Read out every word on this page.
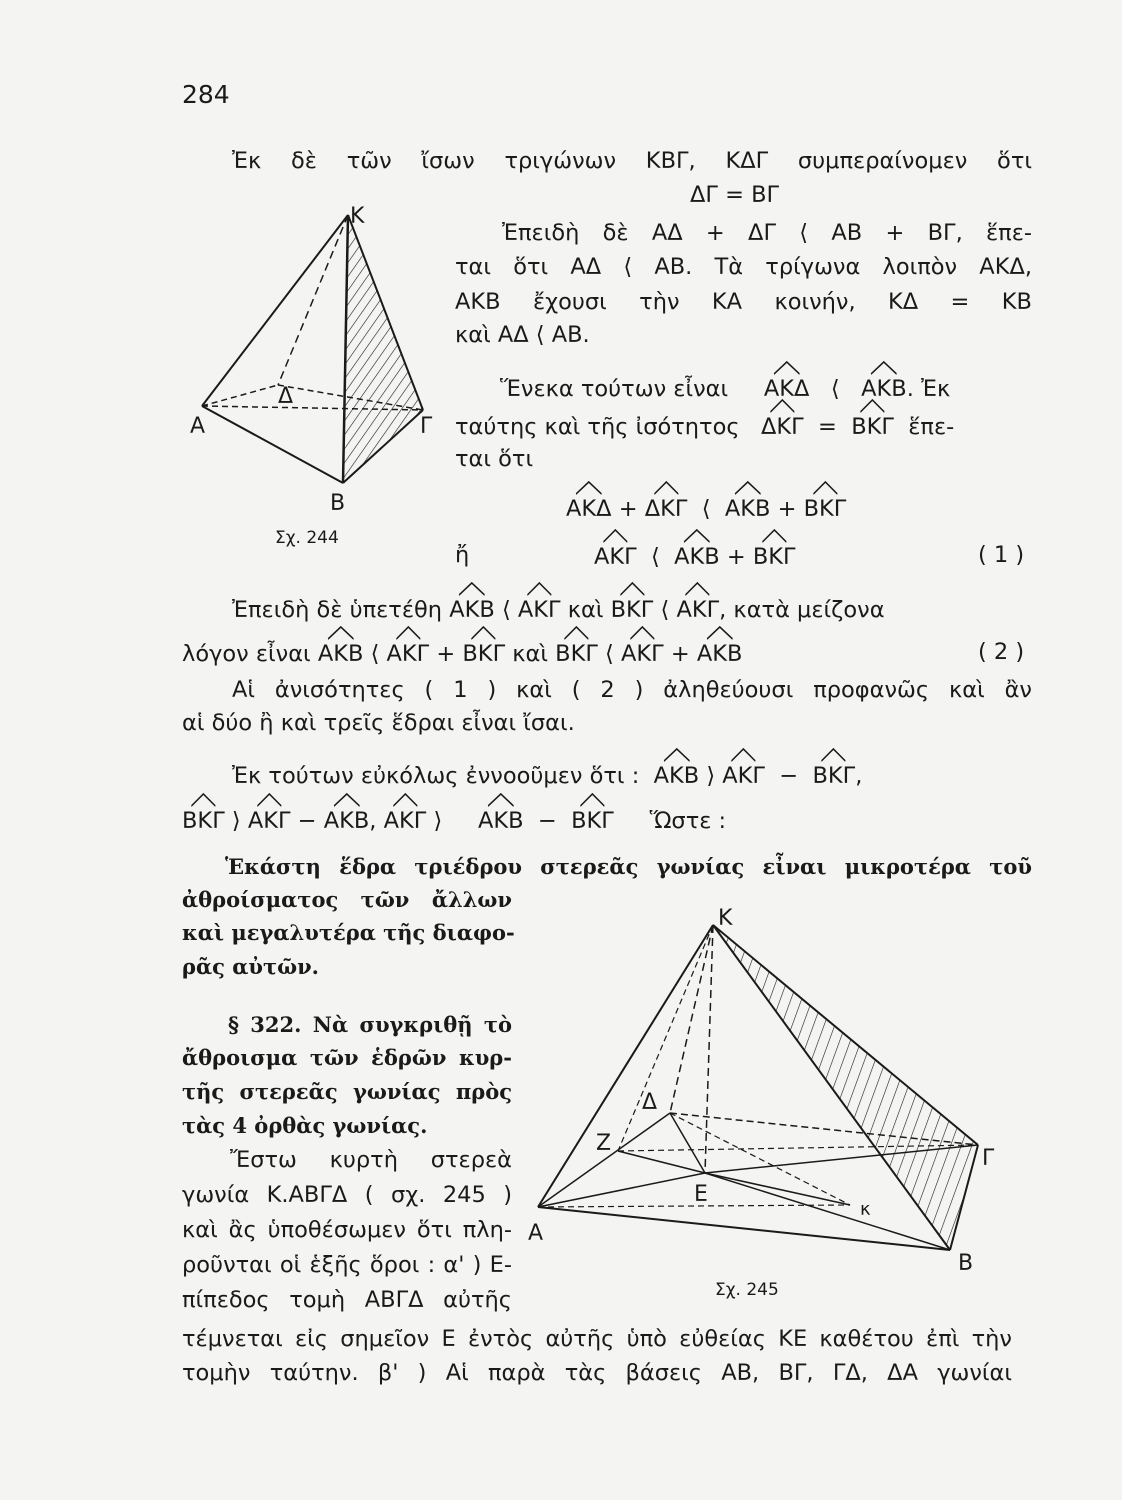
284
Ἐκ δὲ τῶν ἴσων τριγώνων ΚΒΓ, ΚΔΓ συμπεραίνομεν ὅτι
ΔΓ = ΒΓ
Ἐπειδὴ δὲ ΑΔ + ΔΓ ⟨ ΑΒ + ΒΓ, ἕπε-
ται ὅτι ΑΔ ⟨ ΑΒ. Τὰ τρίγωνα λοιπὸν ΑΚΔ,
ΑΚΒ ἔχουσι τὴν ΚΑ κοινήν, ΚΔ = ΚΒ
καὶ ΑΔ ⟨ ΑΒ.
Ἕνεκα τούτων εἶναι ΑΚΔ ⟨ ΑΚΒ. Ἐκ
ταύτης καὶ τῆς ἰσότητος ΔΚΓ = ΒΚΓ ἕπε-
ται ὅτι
ΑΚΔ + ΔΚΓ ⟨ ΑΚΒ + ΒΚΓ
ἤ	ΑΚΓ ⟨ ΑΚΒ + ΒΚΓ	( 1 )
Ἐπειδὴ δὲ ὑπετέθη ΑΚΒ ⟨ ΑΚΓ καὶ ΒΚΓ ⟨ ΑΚΓ, κατὰ μείζονα
λόγον εἶναι ΑΚΒ ⟨ ΑΚΓ + ΒΚΓ καὶ ΒΚΓ ⟨ ΑΚΓ + ΑΚΒ	( 2 )
Αἱ ἀνισότητες ( 1 ) καὶ ( 2 ) ἀληθεύουσι προφανῶς καὶ ἂν
αἱ δύο ἢ καὶ τρεῖς ἕδραι εἶναι ἴσαι.
Ἐκ τούτων εὐκόλως ἐννοοῦμεν ὅτι : ΑΚΒ ⟩ ΑΚΓ − ΒΚΓ,
ΒΚΓ ⟩ ΑΚΓ − ΑΚΒ, ΑΚΓ ⟩ ΑΚΒ − ΒΚΓ Ὥστε :
Ἑκάστη ἕδρα τριέδρου στερεᾶς γωνίας εἶναι μικροτέρα τοῦ
ἀθροίσματος τῶν ἄλλων
καὶ μεγαλυτέρα τῆς διαφο-
ρᾶς αὐτῶν.
§ 322. Νὰ συγκριθῇ τὸ
ἄθροισμα τῶν ἑδρῶν κυρ-
τῆς στερεᾶς γωνίας πρὸς
τὰς 4 ὀρθὰς γωνίας.
Ἔστω κυρτὴ στερεὰ
γωνία Κ.ΑΒΓΔ ( σχ. 245 )
καὶ ἂς ὑποθέσωμεν ὅτι πλη-
ροῦνται οἱ ἑξῆς ὅροι : α' ) Ε-
πίπεδος τομὴ ΑΒΓΔ αὐτῆς
τέμνεται εἰς σημεῖον Ε ἐντὸς αὐτῆς ὑπὸ εὐθείας ΚΕ καθέτου ἐπὶ τὴν
τομὴν ταύτην. β' ) Αἱ παρὰ τὰς βάσεις ΑΒ, ΒΓ, ΓΔ, ΔΑ γωνίαι
Κ
Α
Β
Γ
Δ
Σχ. 244
Κ
Α
Β
Γ
Δ
Ζ
Ε
κ
Σχ. 245
